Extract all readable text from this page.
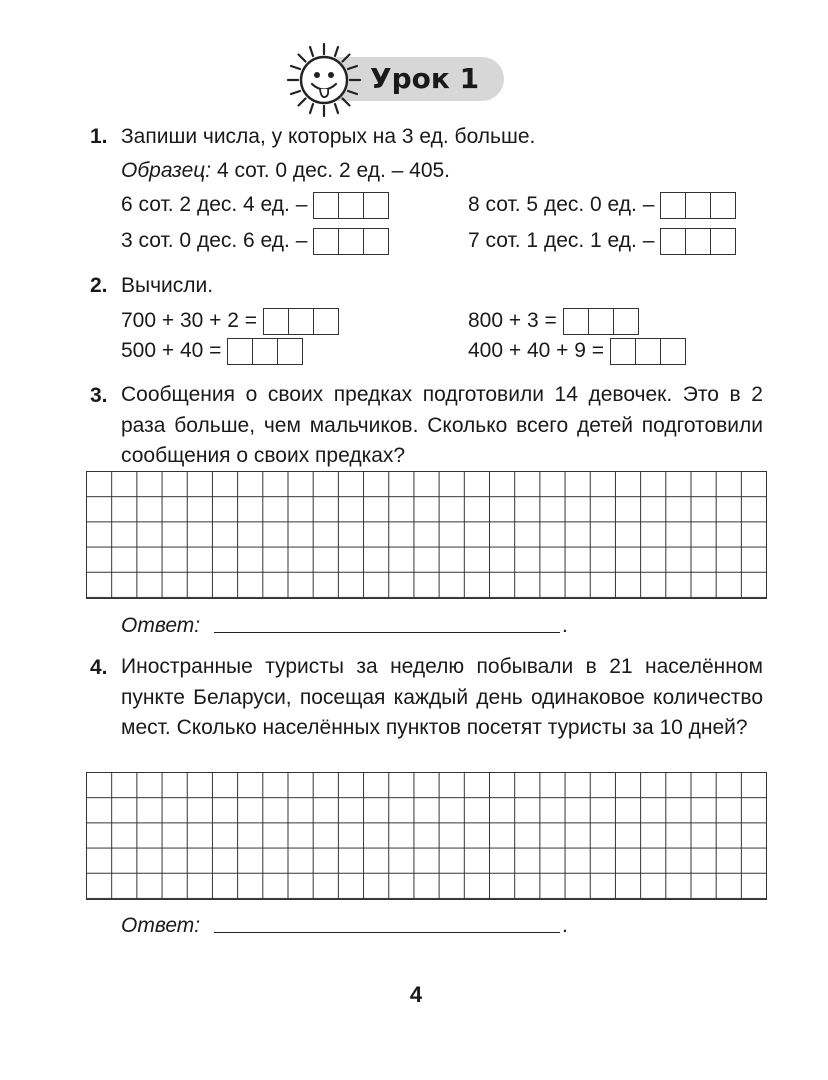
Урок 1
1. Запиши числа, у которых на 3 ед. больше.
Образец: 4 сот. 0 дес. 2 ед. – 405.
6 сот. 2 дес. 4 ед. –	8 сот. 5 дес. 0 ед. –
3 сот. 0 дес. 6 ед. –	7 сот. 1 дес. 1 ед. –
2. Вычисли.
700 + 30 + 2 =	800 + 3 =
500 + 40 =	400 + 40 + 9 =
3. Сообщения о своих предках подготовили 14 девочек. Это в 2 раза больше, чем мальчиков. Сколько всего детей подготовили сообщения о своих предках?
Ответ:	.
4. Иностранные туристы за неделю побывали в 21 населённом пункте Беларуси, посещая каждый день одинаковое количество мест. Сколько населённых пунктов посетят туристы за 10 дней?
Ответ:	.
4
